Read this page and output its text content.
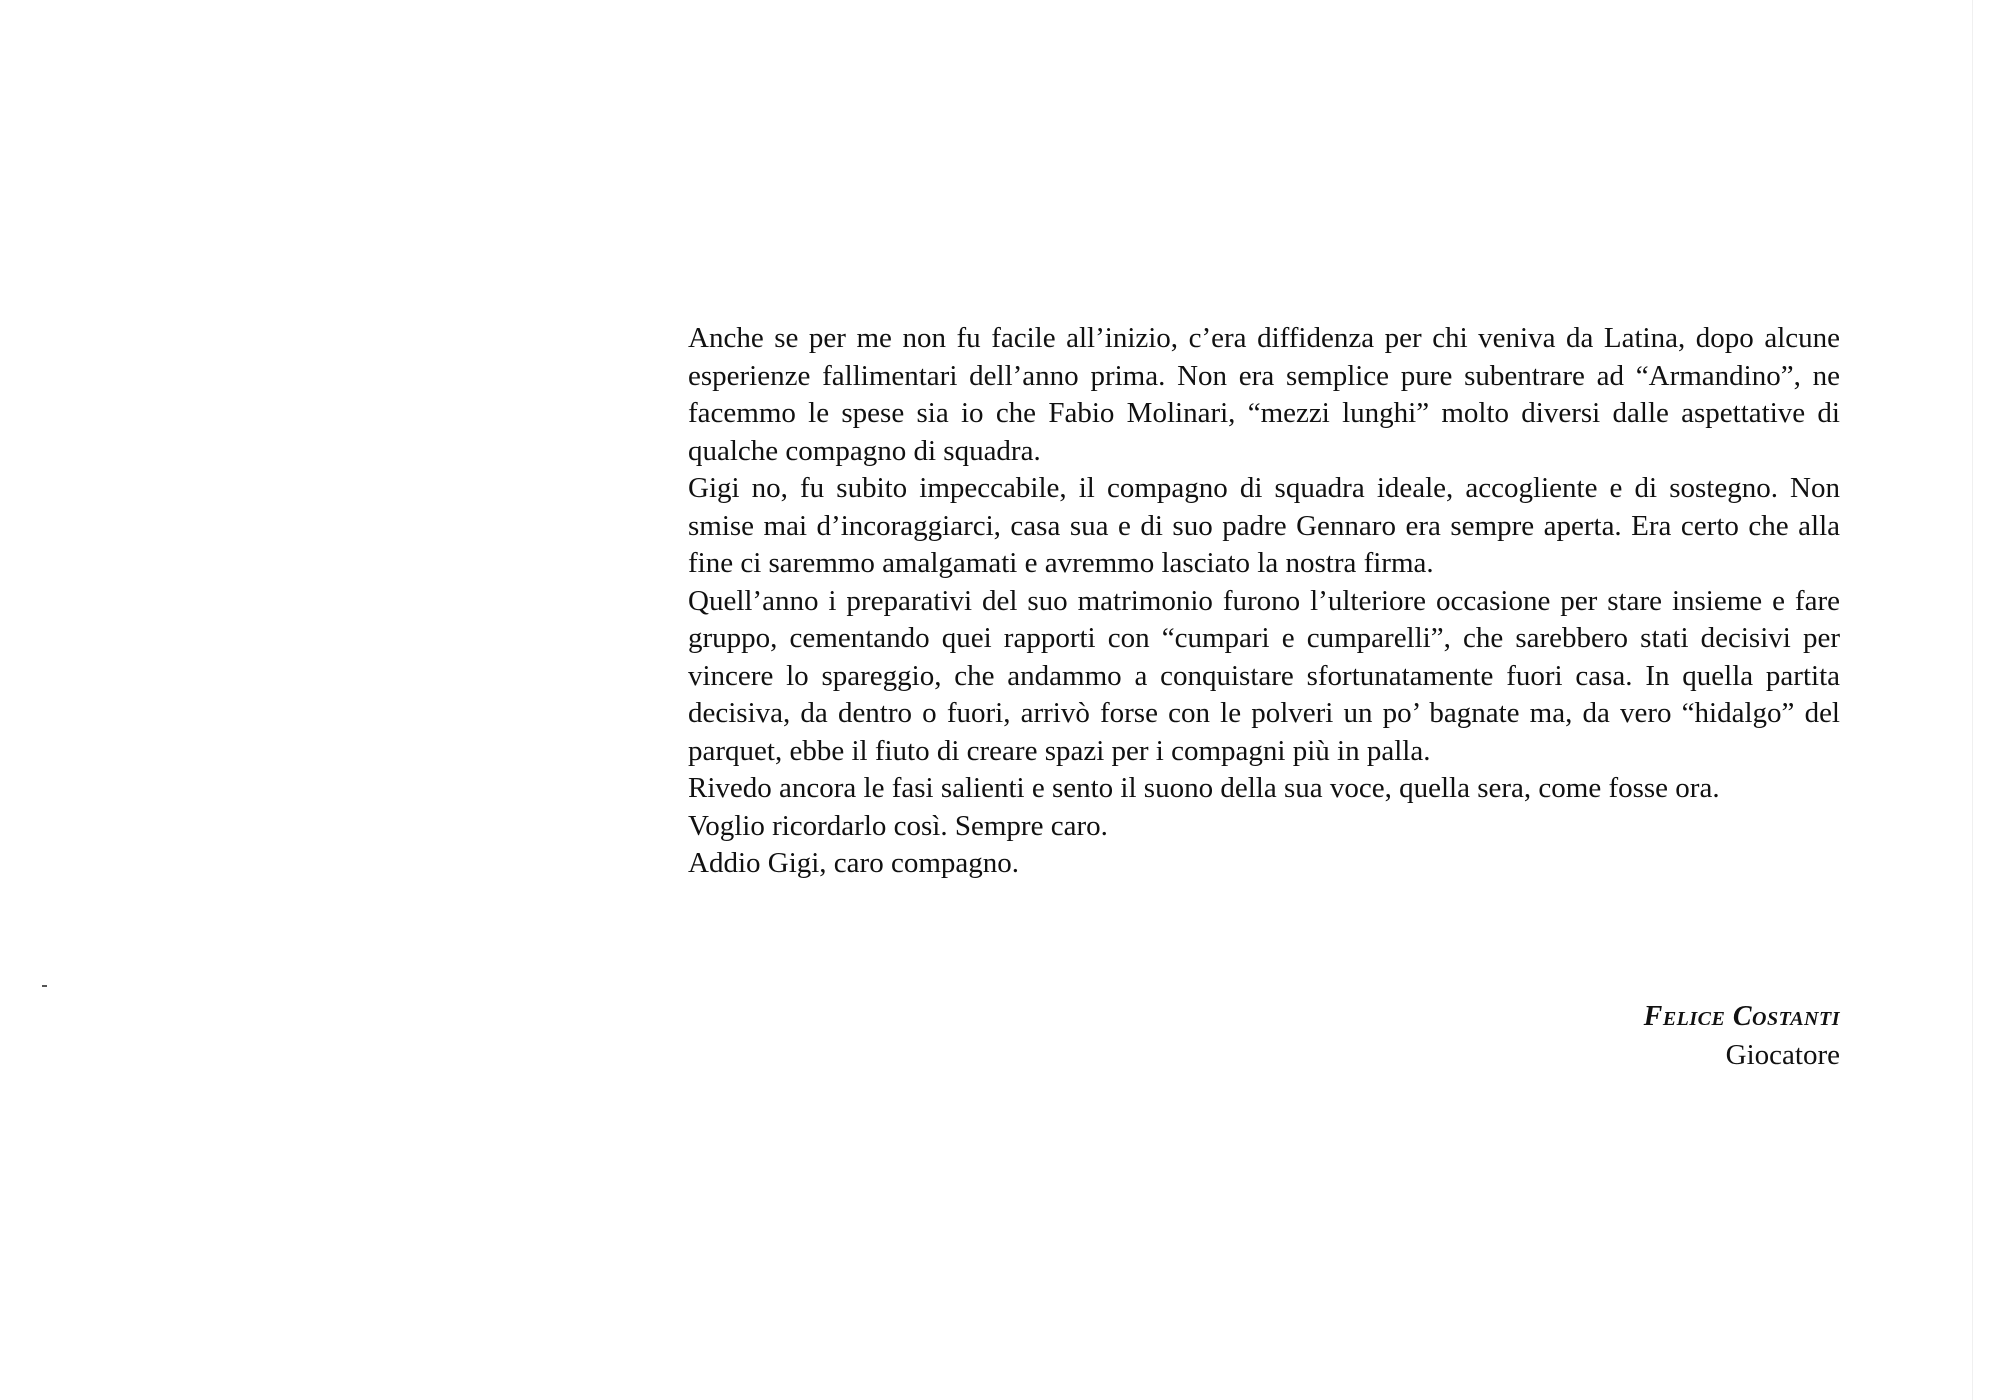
Anche se per me non fu facile all’inizio, c’era diffidenza per chi veniva da Latina, dopo alcune esperienze fallimentari dell’anno prima. Non era semplice pure subentrare ad “Armandino”, ne facemmo le spese sia io che Fabio Molinari, “mezzi lunghi” molto diversi dalle aspettative di qualche compagno di squadra.

Gigi no, fu subito impeccabile, il compagno di squadra ideale, accogliente e di sostegno. Non smise mai d’incoraggiarci, casa sua e di suo padre Gennaro era sempre aperta. Era certo che alla fine ci saremmo amalgamati e avremmo lasciato la nostra firma.

Quell’anno i preparativi del suo matrimonio furono l’ulteriore occasione per stare insieme e fare gruppo, cementando quei rapporti con “cumpari e cumparelli”, che sarebbero stati decisivi per vincere lo spareggio, che andammo a conquistare sfortunatamente fuori casa. In quella partita decisiva, da dentro o fuori, arrivò forse con le polveri un po’ bagnate ma, da vero “hidalgo” del parquet, ebbe il fiuto di creare spazi per i compagni più in palla.

Rivedo ancora le fasi salienti e sento il suono della sua voce, quella sera, come fosse ora.

Voglio ricordarlo così. Sempre caro.

Addio Gigi, caro compagno.

Felice Costanti
Giocatore
